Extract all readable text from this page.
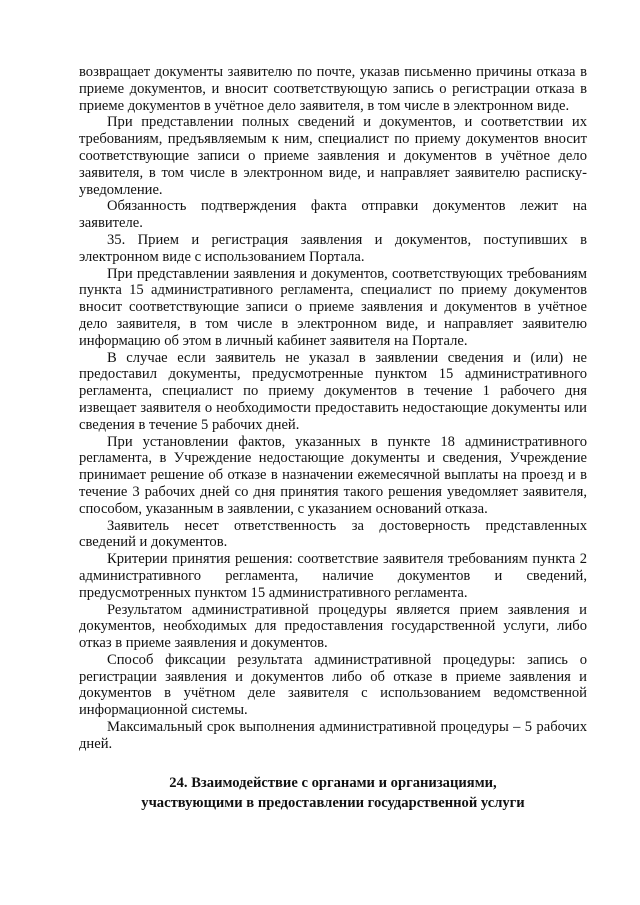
возвращает документы заявителю по почте, указав письменно причины отказа в приеме документов, и вносит соответствующую запись о регистрации отказа в приеме документов в учётное дело заявителя, в том числе в электронном виде.

При представлении полных сведений и документов, и соответствии их требованиям, предъявляемым к ним, специалист по приему документов вносит соответствующие записи о приеме заявления и документов в учётное дело заявителя, в том числе в электронном виде, и направляет заявителю расписку-уведомление.

Обязанность подтверждения факта отправки документов лежит на заявителе.

35. Прием и регистрация заявления и документов, поступивших в электронном виде с использованием Портала.

При представлении заявления и документов, соответствующих требованиям пункта 15 административного регламента, специалист по приему документов вносит соответствующие записи о приеме заявления и документов в учётное дело заявителя, в том числе в электронном виде, и направляет заявителю информацию об этом в личный кабинет заявителя на Портале.

В случае если заявитель не указал в заявлении сведения и (или) не предоставил документы, предусмотренные пунктом 15 административного регламента, специалист по приему документов в течение 1 рабочего дня извещает заявителя о необходимости предоставить недостающие документы или сведения в течение 5 рабочих дней.

При установлении фактов, указанных в пункте 18 административного регламента, в Учреждение недостающие документы и сведения, Учреждение принимает решение об отказе в назначении ежемесячной выплаты на проезд и в течение 3 рабочих дней со дня принятия такого решения уведомляет заявителя, способом, указанным в заявлении, с указанием оснований отказа.

Заявитель несет ответственность за достоверность представленных сведений и документов.

Критерии принятия решения: соответствие заявителя требованиям пункта 2 административного регламента, наличие документов и сведений, предусмотренных пунктом 15 административного регламента.

Результатом административной процедуры является прием заявления и документов, необходимых для предоставления государственной услуги, либо отказ в приеме заявления и документов.

Способ фиксации результата административной процедуры: запись о регистрации заявления и документов либо об отказе в приеме заявления и документов в учётном деле заявителя с использованием ведомственной информационной системы.

Максимальный срок выполнения административной процедуры – 5 рабочих дней.

24. Взаимодействие с органами и организациями,
участвующими в предоставлении государственной услуги
